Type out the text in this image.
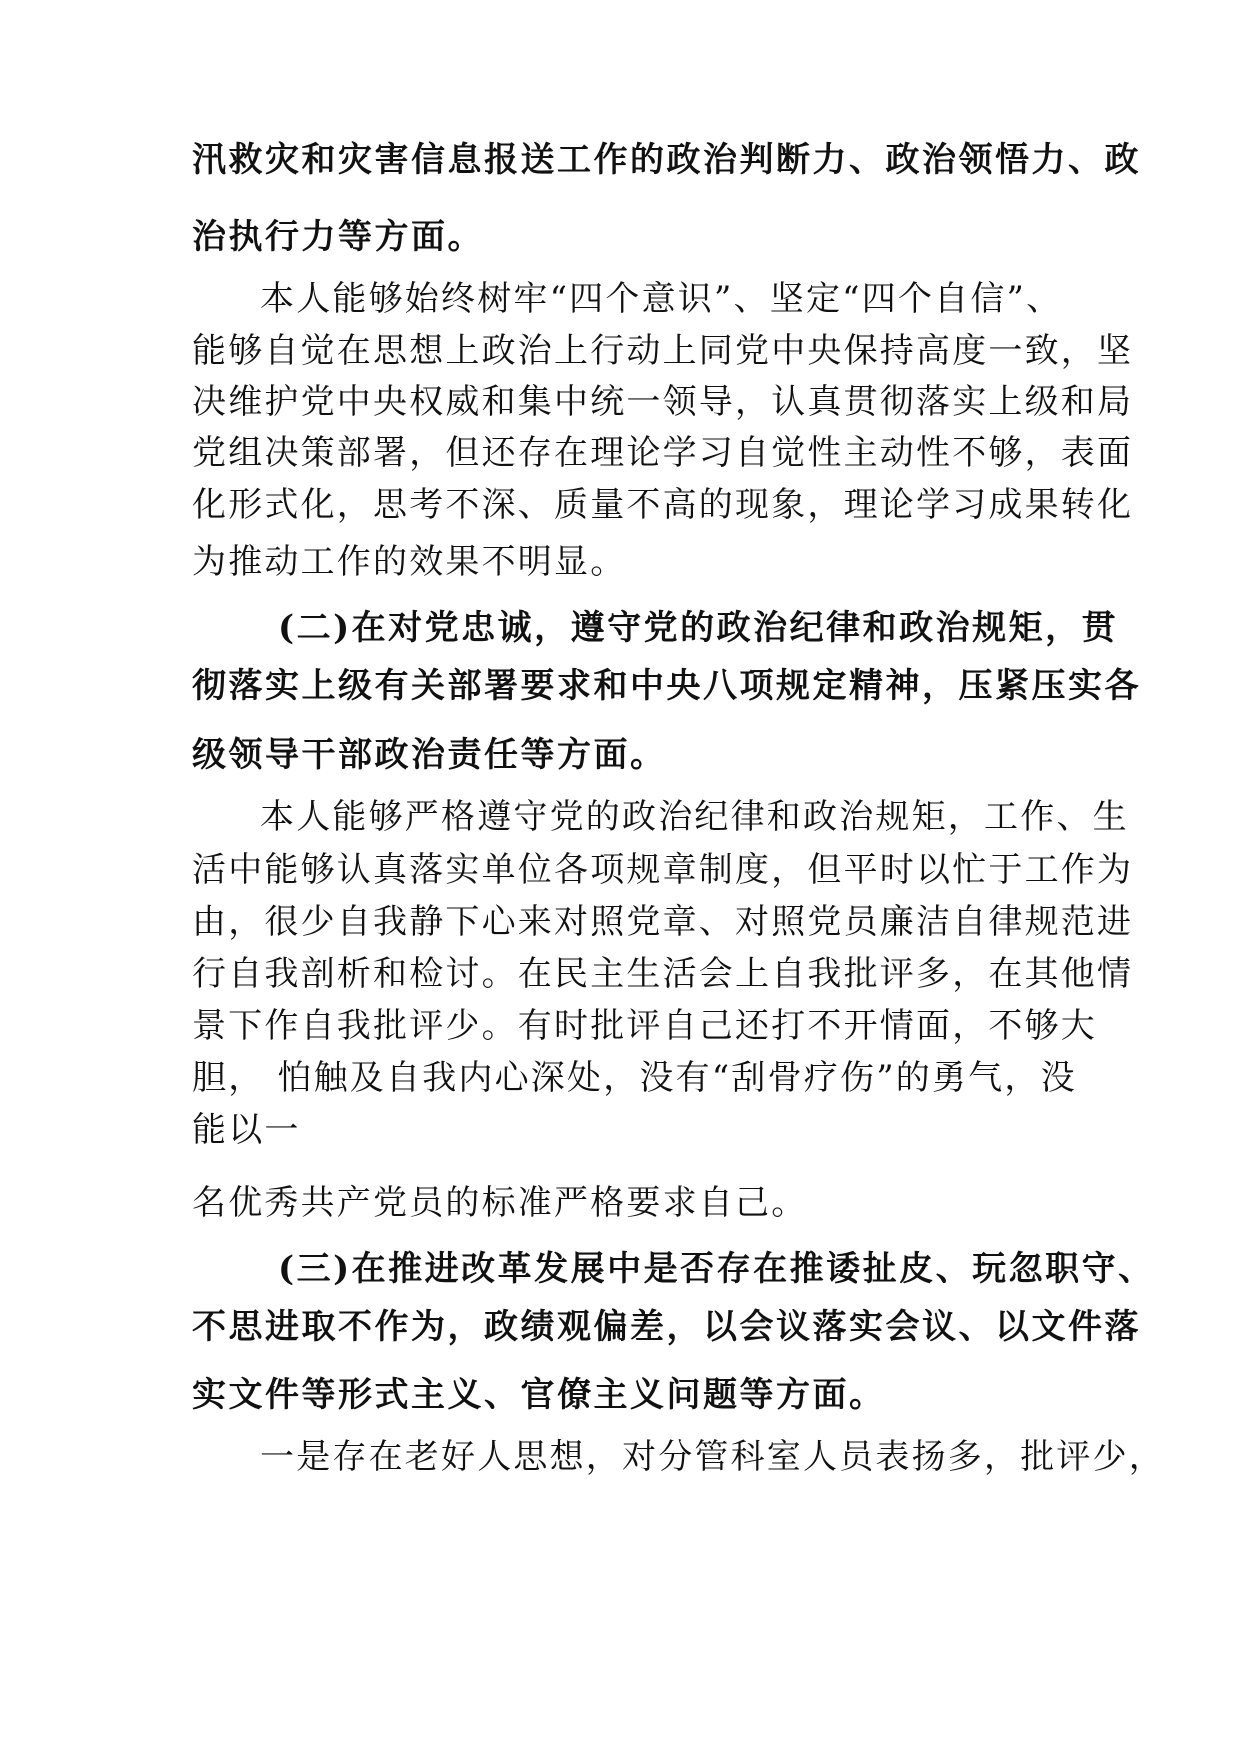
汛救灾和灾害信息报送工作的政治判断力、政治领悟力、政
治执行力等方面。
本人能够始终树牢“四个意识”、坚定“四个自信”、
能够自觉在思想上政治上行动上同党中央保持高度一致，坚
决维护党中央权威和集中统一领导，认真贯彻落实上级和局
党组决策部署，但还存在理论学习自觉性主动性不够，表面
化形式化，思考不深、质量不高的现象，理论学习成果转化
为推动工作的效果不明显。
(二)在对党忠诚，遵守党的政治纪律和政治规矩，贯
彻落实上级有关部署要求和中央八项规定精神，压紧压实各
级领导干部政治责任等方面。
本人能够严格遵守党的政治纪律和政治规矩，工作、生
活中能够认真落实单位各项规章制度，但平时以忙于工作为
由，很少自我静下心来对照党章、对照党员廉洁自律规范进
行自我剖析和检讨。在民主生活会上自我批评多，在其他情
景下作自我批评少。有时批评自己还打不开情面，不够大
胆， 怕触及自我内心深处，没有“刮骨疗伤”的勇气，没
能以一
名优秀共产党员的标准严格要求自己。
(三)在推进改革发展中是否存在推诿扯皮、玩忽职守、
不思进取不作为，政绩观偏差，以会议落实会议、以文件落
实文件等形式主义、官僚主义问题等方面。
一是存在老好人思想，对分管科室人员表扬多，批评少，
